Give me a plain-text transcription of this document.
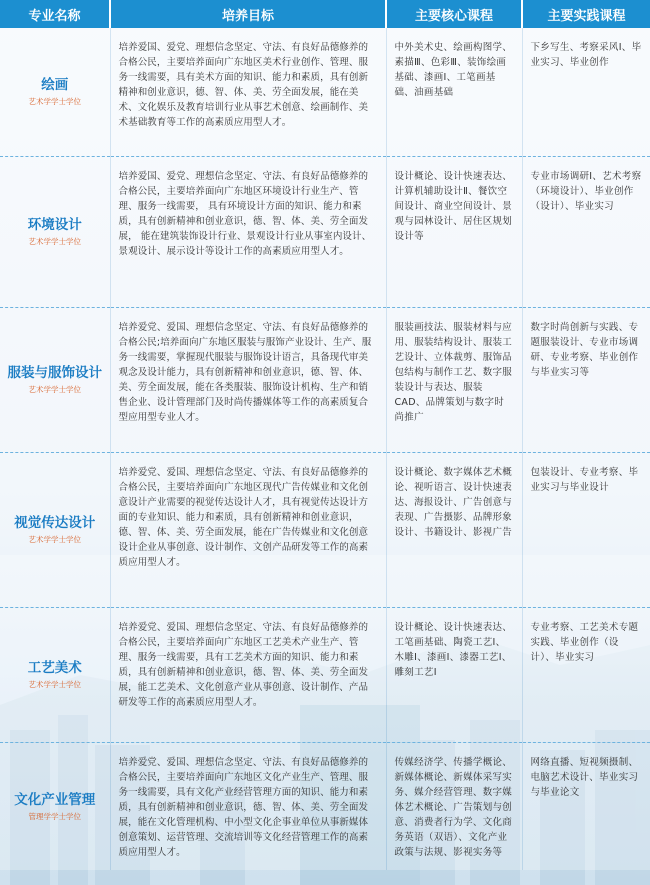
专业名称	培养目标	主要核心课程	主要实践课程

绘画
艺术学学士学位	培养爱国、爱党、理想信念坚定、守法、有良好品德修养的合格公民，主要培养面向广东地区美术行业创作、管理、服务一线需要，具有美术方面的知识、能力和素质，具有创新精神和创业意识，德、智、体、美、劳全面发展，能在美术、文化娱乐及教育培训行业从事艺术创意、绘画制作、美术基础教育等工作的高素质应用型人才。	中外美术史、绘画构图学、素描Ⅲ、色彩Ⅲ、装饰绘画基础、漆画Ⅰ、工笔画基础、油画基础	下乡写生、考察采风Ⅰ、毕业实习、毕业创作

环境设计
艺术学学士学位	培养爱国、爱党、理想信念坚定、守法、有良好品德修养的合格公民，主要培养面向广东地区环境设计行业生产、管理、服务一线需要， 具有环境设计方面的知识、能力和素质，具有创新精神和创业意识，德、智、体、美、劳全面发展， 能在建筑装饰设计行业、景观设计行业从事室内设计、景观设计、展示设计等设计工作的高素质应用型人才。	设计概论、设计快速表达、计算机辅助设计Ⅱ、餐饮空间设计、商业空间设计、景观与园林设计、居住区规划设计等	专业市场调研Ⅰ、艺术考察（环境设计）、毕业创作（设计）、毕业实习

服装与服饰设计
艺术学学士学位	培养爱党、爱国、理想信念坚定、守法、有良好品德修养的合格公民;培养面向广东地区服装与服饰产业设计、生产、服务一线需要，掌握现代服装与服饰设计语言，具备现代审美观念及设计能力，具有创新精神和创业意识，德、智、体、美、劳全面发展，能在各类服装、服饰设计机构、生产和销售企业、设计管理部门及时尚传播媒体等工作的高素质复合型应用型专业人才。	服装画技法、服装材料与应用、服装结构设计、服装工艺设计、立体裁剪、服饰品包结构与制作工艺、数字服装设计与表达、服装CAD、品牌策划与数字时尚推广	数字时尚创新与实践、专题服装设计、专业市场调研、专业考察、毕业创作与毕业实习等

视觉传达设计
艺术学学士学位	培养爱党、爱国、理想信念坚定、守法、有良好品德修养的合格公民，主要培养面向广东地区现代广告传媒业和文化创意设计产业需要的视觉传达设计人才，具有视觉传达设计方面的专业知识、能力和素质，具有创新精神和创业意识，德、智、体、美、劳全面发展，能在广告传媒业和文化创意设计企业从事创意、设计制作、文创产品研发等工作的高素质应用型人才。	设计概论、数字媒体艺术概论、视听语言、设计快速表达、海报设计、广告创意与表现、广告摄影、品牌形象设计、书籍设计、影视广告	包装设计、专业考察、毕业实习与毕业设计

工艺美术
艺术学学士学位	培养爱党、爱国、理想信念坚定、守法、有良好品德修养的合格公民，主要培养面向广东地区工艺美术产业生产、管理、服务一线需要，具有工艺美术方面的知识、能力和素质，具有创新精神和创业意识，德、智、体、美、劳全面发展，能工艺美术、文化创意产业从事创意、设计制作、产品研发等工作的高素质应用型人才。	设计概论、设计快速表达、工笔画基础、陶瓷工艺Ⅰ、木雕Ⅰ、漆画Ⅰ、漆器工艺Ⅰ、雕刻工艺Ⅰ	专业考察、工艺美术专题实践、毕业创作（设计）、毕业实习

文化产业管理
管理学学士学位	培养爱党、爱国、理想信念坚定、守法、有良好品德修养的合格公民，主要培养面向广东地区文化产业生产、管理、服务一线需要，具有文化产业经营管理方面的知识、能力和素质，具有创新精神和创业意识，德、智、体、美、劳全面发展，能在文化管理机构、中小型文化企事业单位从事新媒体创意策划、运营管理、交流培训等文化经营管理工作的高素质应用型人才。	传媒经济学、传播学概论、新媒体概论、新媒体采写实务、媒介经营管理、数字媒体艺术概论、广告策划与创意、消费者行为学、文化商务英语（双语）、文化产业政策与法规、影视实务等	网络直播、短视频摄制、电脑艺术设计、毕业实习与毕业论文
